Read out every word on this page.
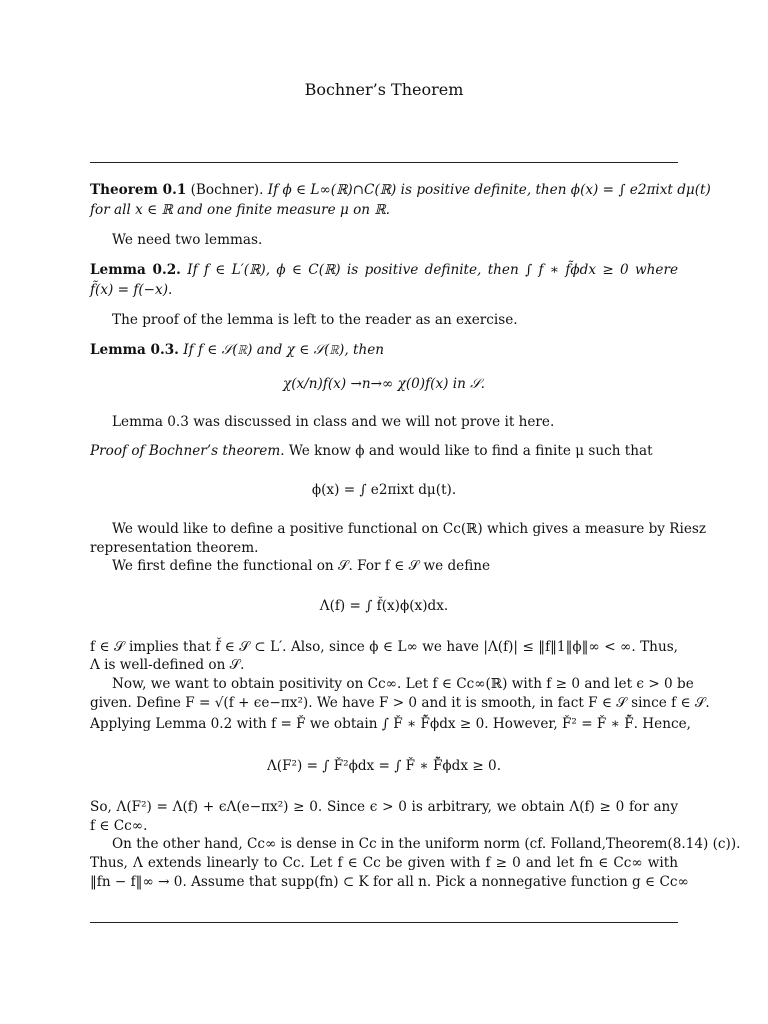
Bochner’s Theorem
Theorem 0.1 (Bochner). If ϕ ∈ L∞(ℝ)∩C(ℝ) is positive definite, then ϕ(x) = ∫ e2πixt dμ(t)
for all x ∈ ℝ and one finite measure μ on ℝ.
We need two lemmas.
Lemma 0.2. If f ∈ L′(ℝ), ϕ ∈ C(ℝ) is positive definite, then ∫ f ∗ f̃ϕdx ≥ 0 where
f̃(x) = f(−x).
The proof of the lemma is left to the reader as an exercise.
Lemma 0.3. If f ∈ 𝒮(ℝ) and χ ∈ 𝒮(ℝ), then
χ(x/n)f(x) →n→∞ χ(0)f(x) in 𝒮.
Lemma 0.3 was discussed in class and we will not prove it here.
Proof of Bochner’s theorem. We know ϕ and would like to find a finite μ such that
ϕ(x) = ∫ e2πixt dμ(t).
We would like to define a positive functional on Cc(ℝ) which gives a measure by Riesz
representation theorem.
We first define the functional on 𝒮. For f ∈ 𝒮 we define
Λ(f) = ∫ f̌(x)ϕ(x)dx.
f ∈ 𝒮 implies that f̌ ∈ 𝒮 ⊂ L′. Also, since ϕ ∈ L∞ we have |Λ(f)| ≤ ‖f‖1‖ϕ‖∞ < ∞. Thus,
Λ is well-defined on 𝒮.
Now, we want to obtain positivity on Cc∞. Let f ∈ Cc∞(ℝ) with f ≥ 0 and let ϵ > 0 be
given. Define F = √(f + ϵe−πx²). We have F > 0 and it is smooth, in fact F ∈ 𝒮 since f ∈ 𝒮.
Applying Lemma 0.2 with f = F̌ we obtain ∫ F̌ ∗ F̌̃ϕdx ≥ 0. However, F̌² = F̌ ∗ F̌̃. Hence,
Λ(F²) = ∫ F̌²ϕdx = ∫ F̌ ∗ F̌̃ϕdx ≥ 0.
So, Λ(F²) = Λ(f) + ϵΛ(e−πx²) ≥ 0. Since ϵ > 0 is arbitrary, we obtain Λ(f) ≥ 0 for any
f ∈ Cc∞.
On the other hand, Cc∞ is dense in Cc in the uniform norm (cf. Folland,Theorem(8.14) (c)).
Thus, Λ extends linearly to Cc. Let f ∈ Cc be given with f ≥ 0 and let fn ∈ Cc∞ with
‖fn − f‖∞ → 0. Assume that supp(fn) ⊂ K for all n. Pick a nonnegative function g ∈ Cc∞
